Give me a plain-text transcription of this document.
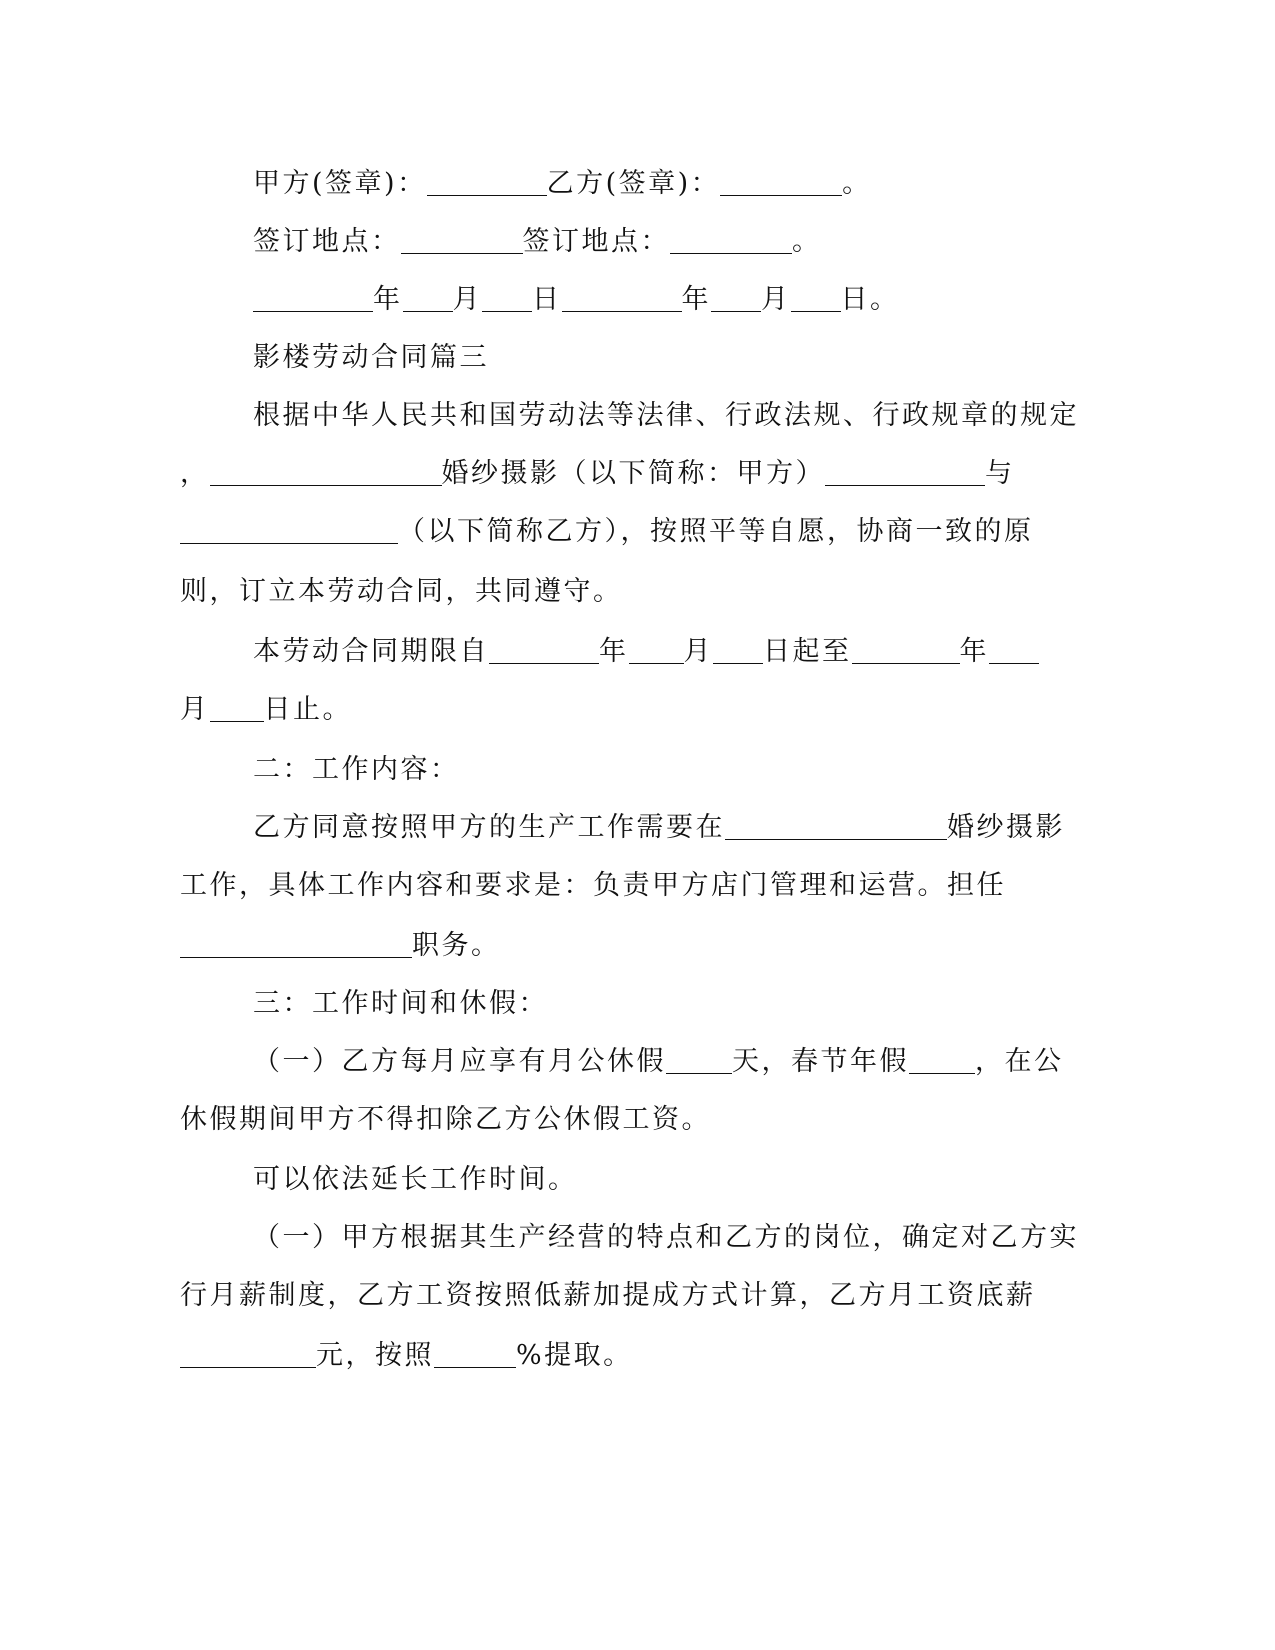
甲方(签章)：	乙方(签章)：	。
签订地点：	签订地点：	。
年 月 日	年 月 日。
影楼劳动合同篇三
根据中华人民共和国劳动法等法律、行政法规、行政规章的规定
，	婚纱摄影（以下简称：甲方）	与
（以下简称乙方），按照平等自愿，协商一致的原
则，订立本劳动合同，共同遵守。
本劳动合同期限自	年 月 日起至	年
月 日止。
二：工作内容：
乙方同意按照甲方的生产工作需要在	婚纱摄影
工作，具体工作内容和要求是：负责甲方店门管理和运营。担任
职务。
三：工作时间和休假：
（一）乙方每月应享有月公休假 天，春节年假 ，在公
休假期间甲方不得扣除乙方公休假工资。
可以依法延长工作时间。
（一）甲方根据其生产经营的特点和乙方的岗位，确定对乙方实
行月薪制度，乙方工资按照低薪加提成方式计算，乙方月工资底薪
元，按照	%提取。
